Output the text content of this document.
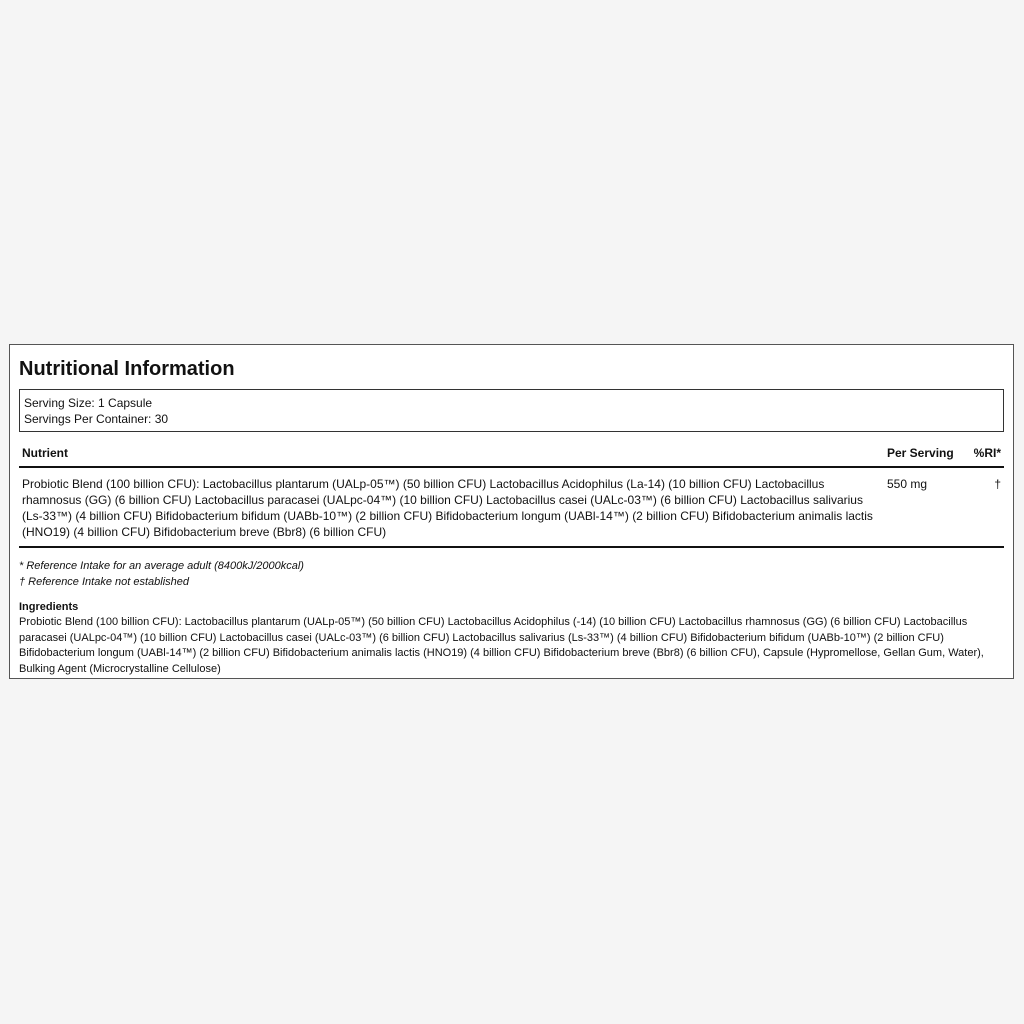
Nutritional Information
Serving Size: 1 Capsule
Servings Per Container: 30
Nutrient	Per Serving	%RI*
Probiotic Blend (100 billion CFU): Lactobacillus plantarum (UALp-05™) (50 billion CFU) Lactobacillus Acidophilus (La-14) (10 billion CFU) Lactobacillus rhamnosus (GG) (6 billion CFU) Lactobacillus paracasei (UALpc-04™) (10 billion CFU) Lactobacillus casei (UALc-03™) (6 billion CFU) Lactobacillus salivarius (Ls-33™) (4 billion CFU) Bifidobacterium bifidum (UABb-10™) (2 billion CFU) Bifidobacterium longum (UABl-14™) (2 billion CFU) Bifidobacterium animalis lactis (HNO19) (4 billion CFU) Bifidobacterium breve (Bbr8) (6 billion CFU)	550 mg	†
* Reference Intake for an average adult (8400kJ/2000kcal)
† Reference Intake not established
Ingredients
Probiotic Blend (100 billion CFU): Lactobacillus plantarum (UALp-05™) (50 billion CFU) Lactobacillus Acidophilus (-14) (10 billion CFU) Lactobacillus rhamnosus (GG) (6 billion CFU) Lactobacillus paracasei (UALpc-04™) (10 billion CFU) Lactobacillus casei (UALc-03™) (6 billion CFU) Lactobacillus salivarius (Ls-33™) (4 billion CFU) Bifidobacterium bifidum (UABb-10™) (2 billion CFU) Bifidobacterium longum (UABl-14™) (2 billion CFU) Bifidobacterium animalis lactis (HNO19) (4 billion CFU) Bifidobacterium breve (Bbr8) (6 billion CFU), Capsule (Hypromellose, Gellan Gum, Water), Bulking Agent (Microcrystalline Cellulose)
